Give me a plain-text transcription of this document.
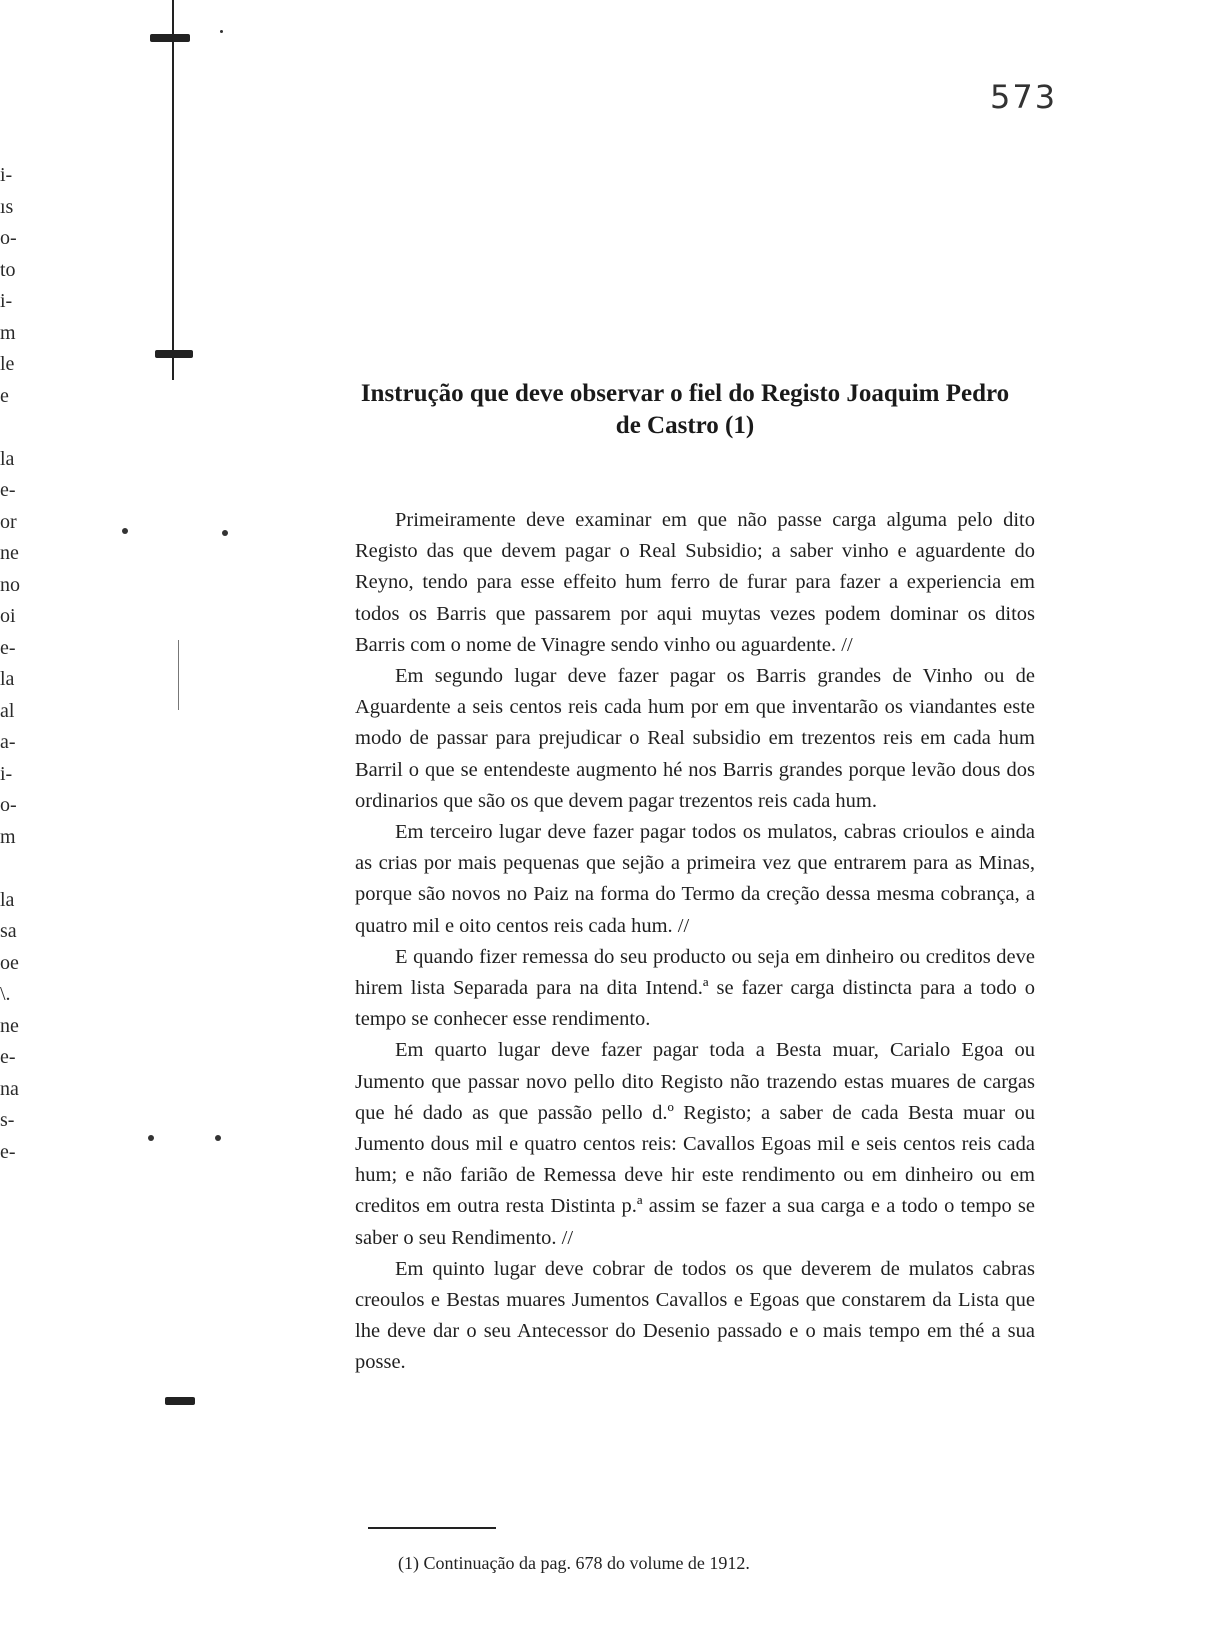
i-
ıs
o-
to
i-
m
le
e
la
e-
or
ne
no
oi
e-
la
al
a-
i-
o-
m
la
sa
oe
\.
ne
e-
na
s-
e-
573
Instrução que deve observar o fiel do Registo Joaquim Pedro
de Castro (1)

Primeiramente deve examinar em que não passe carga alguma pelo dito Registo das que devem pagar o Real Subsidio; a saber vinho e aguardente do Reyno, tendo para esse effeito hum ferro de furar para fazer a experiencia em todos os Barris que passarem por aqui muytas vezes podem dominar os ditos Barris com o nome de Vinagre sendo vinho ou aguardente. //

Em segundo lugar deve fazer pagar os Barris grandes de Vinho ou de Aguardente a seis centos reis cada hum por em que inventarão os viandantes este modo de passar para prejudicar o Real subsidio em trezentos reis em cada hum Barril o que se entendeste augmento hé nos Barris grandes porque levão dous dos ordinarios que são os que devem pagar trezentos reis cada hum.

Em terceiro lugar deve fazer pagar todos os mulatos, cabras crioulos e ainda as crias por mais pequenas que sejão a primeira vez que entrarem para as Minas, porque são novos no Paiz na forma do Termo da creção dessa mesma cobrança, a quatro mil e oito centos reis cada hum. //

E quando fizer remessa do seu producto ou seja em dinheiro ou creditos deve hirem lista Separada para na dita Intend.ª se fazer carga distincta para a todo o tempo se conhecer esse rendimento.

Em quarto lugar deve fazer pagar toda a Besta muar, Carialo Egoa ou Jumento que passar novo pello dito Registo não trazendo estas muares de cargas que hé dado as que passão pello d.º Registo; a saber de cada Besta muar ou Jumento dous mil e quatro centos reis: Cavallos Egoas mil e seis centos reis cada hum; e não farião de Remessa deve hir este rendimento ou em dinheiro ou em creditos em outra resta Distinta p.ª assim se fazer a sua carga e a todo o tempo se saber o seu Rendimento. //

Em quinto lugar deve cobrar de todos os que deverem de mulatos cabras creoulos e Bestas muares Jumentos Cavallos e Egoas que constarem da Lista que lhe deve dar o seu Antecessor do Desenio passado e o mais tempo em thé a sua posse.

(1) Continuação da pag. 678 do volume de 1912.
